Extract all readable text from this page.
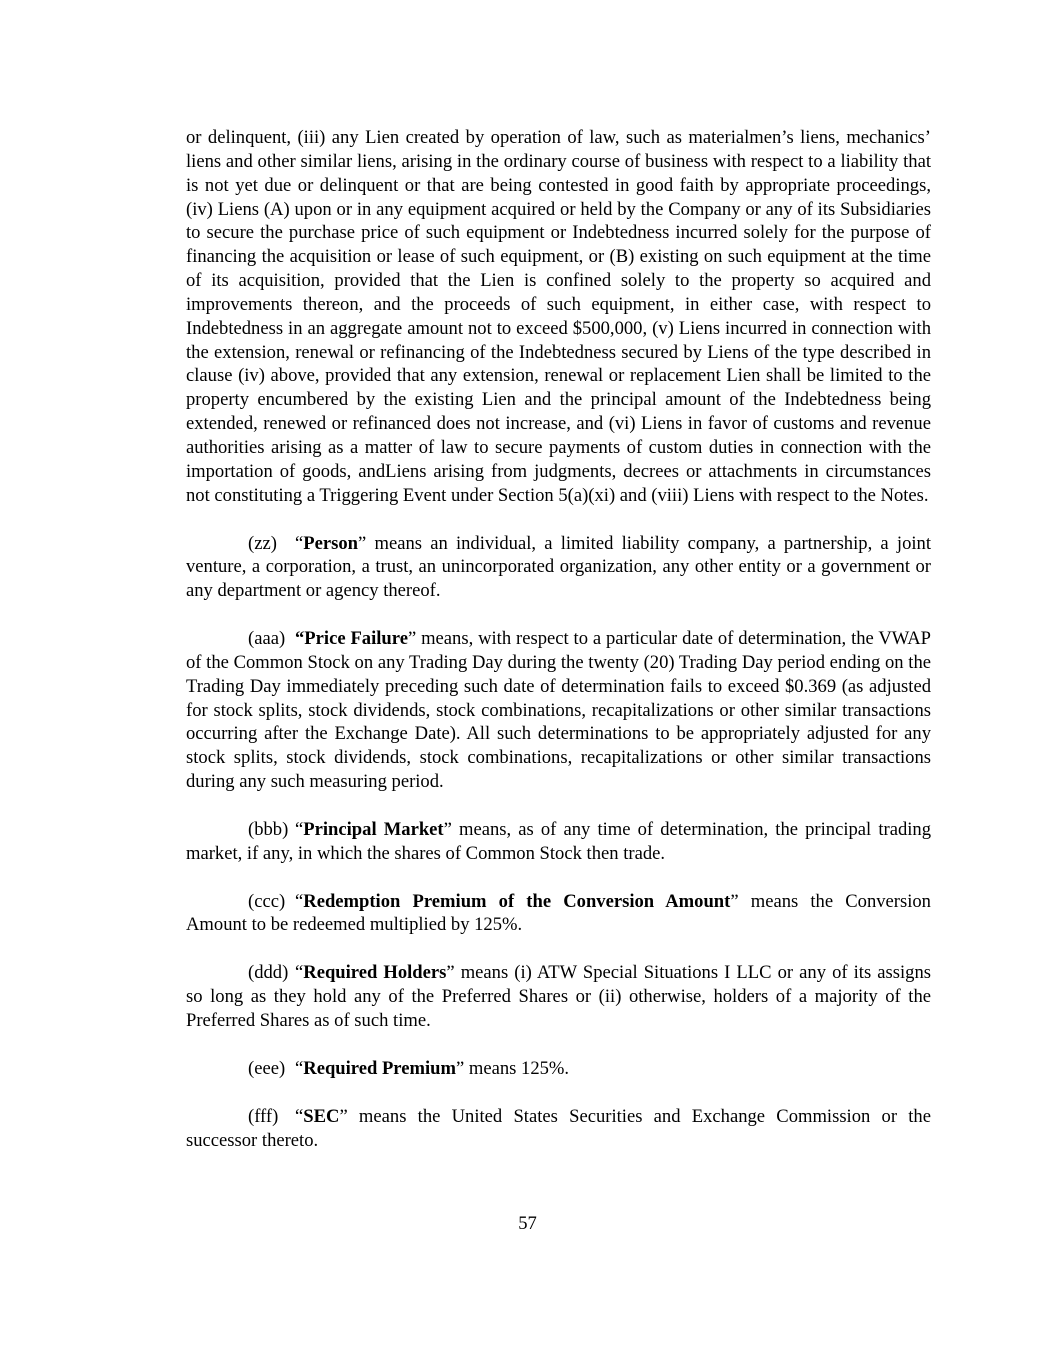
or delinquent, (iii) any Lien created by operation of law, such as materialmen’s liens, mechanics’ liens and other similar liens, arising in the ordinary course of business with respect to a liability that is not yet due or delinquent or that are being contested in good faith by appropriate proceedings, (iv) Liens (A) upon or in any equipment acquired or held by the Company or any of its Subsidiaries to secure the purchase price of such equipment or Indebtedness incurred solely for the purpose of financing the acquisition or lease of such equipment, or (B) existing on such equipment at the time of its acquisition, provided that the Lien is confined solely to the property so acquired and improvements thereon, and the proceeds of such equipment, in either case, with respect to Indebtedness in an aggregate amount not to exceed $500,000, (v) Liens incurred in connection with the extension, renewal or refinancing of the Indebtedness secured by Liens of the type described in clause (iv) above, provided that any extension, renewal or replacement Lien shall be limited to the property encumbered by the existing Lien and the principal amount of the Indebtedness being extended, renewed or refinanced does not increase, and (vi) Liens in favor of customs and revenue authorities arising as a matter of law to secure payments of custom duties in connection with the importation of goods, andLiens arising from judgments, decrees or attachments in circumstances not constituting a Triggering Event under Section 5(a)(xi) and (viii) Liens with respect to the Notes.

(zz) “Person” means an individual, a limited liability company, a partnership, a joint venture, a corporation, a trust, an unincorporated organization, any other entity or a government or any department or agency thereof.

(aaa) “Price Failure” means, with respect to a particular date of determination, the VWAP of the Common Stock on any Trading Day during the twenty (20) Trading Day period ending on the Trading Day immediately preceding such date of determination fails to exceed $0.369 (as adjusted for stock splits, stock dividends, stock combinations, recapitalizations or other similar transactions occurring after the Exchange Date). All such determinations to be appropriately adjusted for any stock splits, stock dividends, stock combinations, recapitalizations or other similar transactions during any such measuring period.

(bbb) “Principal Market” means, as of any time of determination, the principal trading market, if any, in which the shares of Common Stock then trade.

(ccc) “Redemption Premium of the Conversion Amount” means the Conversion Amount to be redeemed multiplied by 125%.

(ddd) “Required Holders” means (i) ATW Special Situations I LLC or any of its assigns so long as they hold any of the Preferred Shares or (ii) otherwise, holders of a majority of the Preferred Shares as of such time.

(eee) “Required Premium” means 125%.

(fff) “SEC” means the United States Securities and Exchange Commission or the successor thereto.

57
